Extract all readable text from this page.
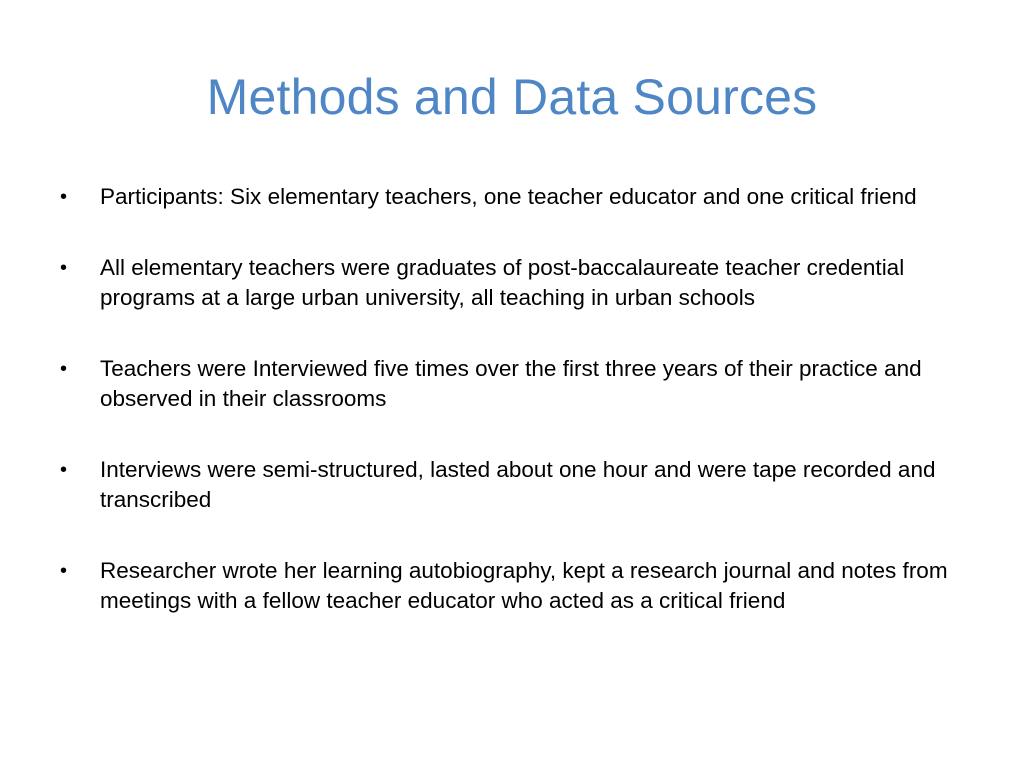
Methods and Data Sources
• Participants: Six elementary teachers, one teacher educator and one critical friend
• All elementary teachers were graduates of post-baccalaureate teacher credential programs at a large urban university, all teaching in urban schools
• Teachers were Interviewed five times over the first three years of their practice and observed in their classrooms
• Interviews were semi-structured, lasted about one hour and were tape recorded and transcribed
• Researcher wrote her learning autobiography, kept a research journal and notes from meetings with a fellow teacher educator who acted as a critical friend
